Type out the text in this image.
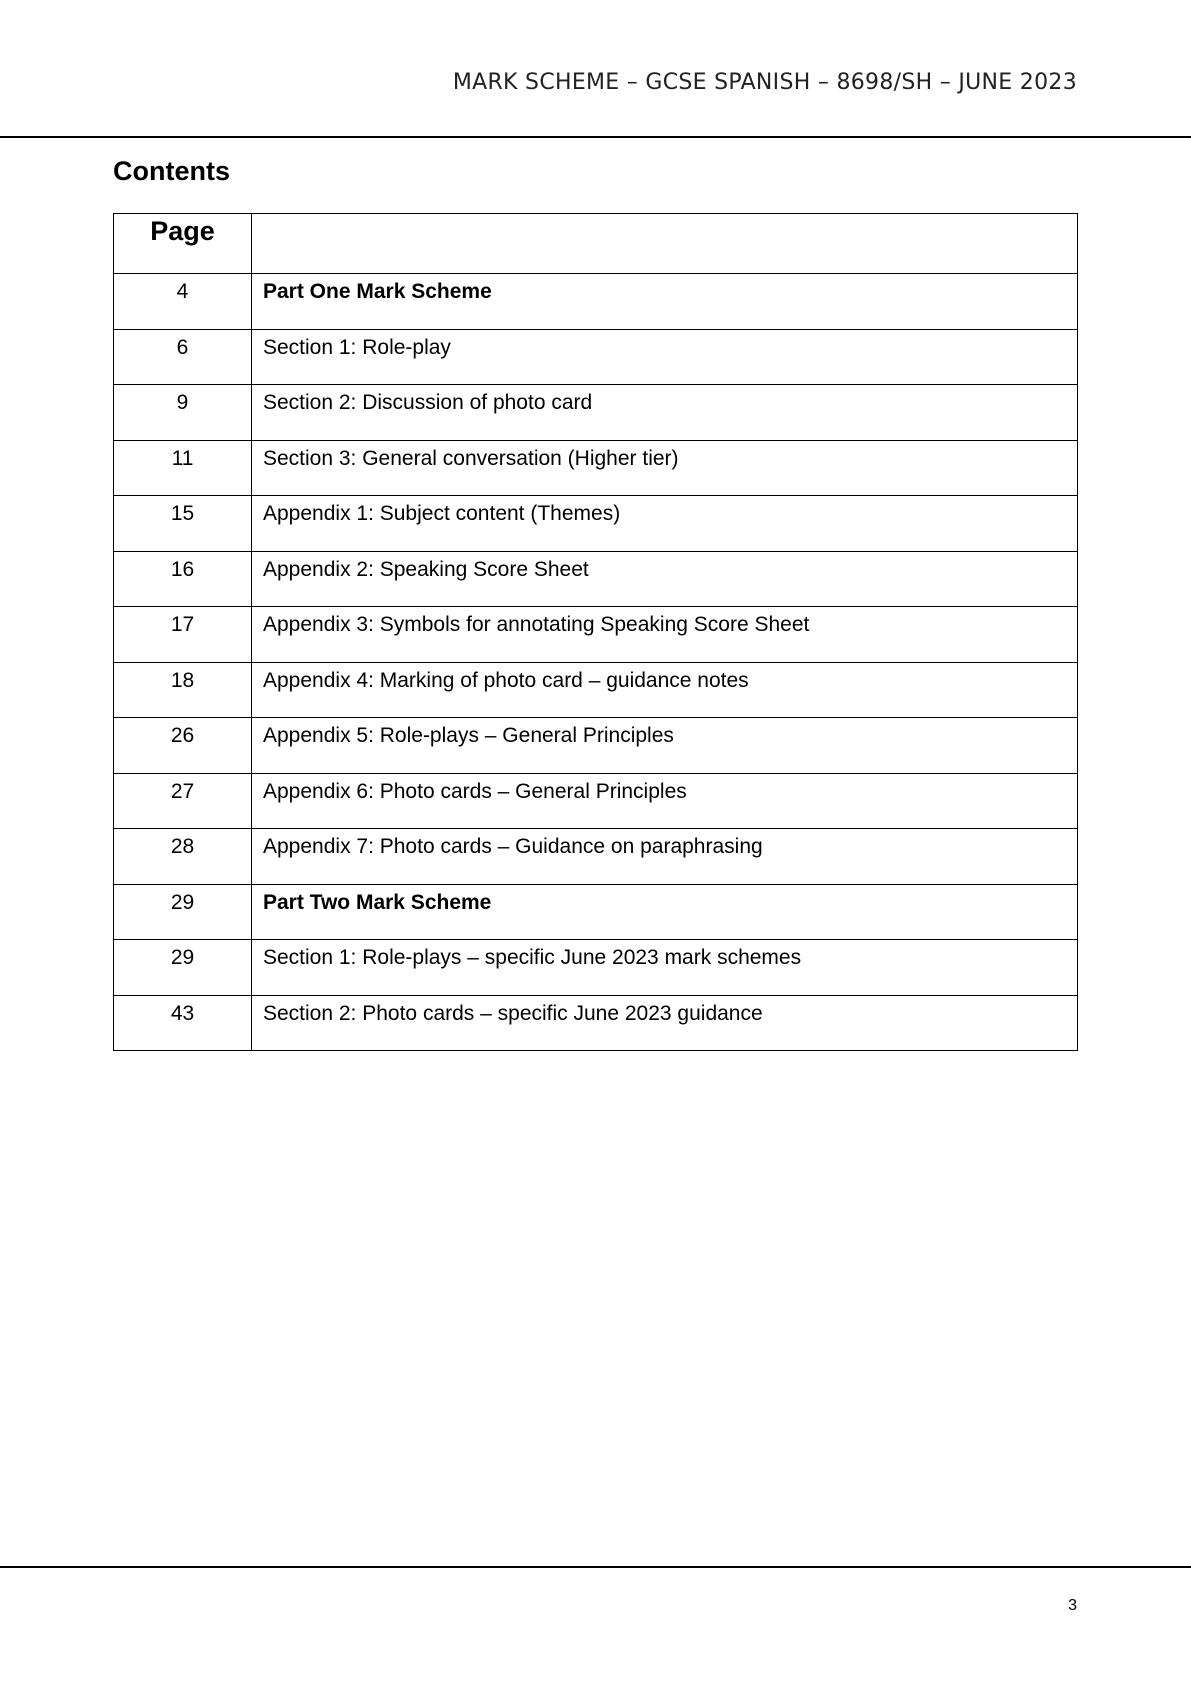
MARK SCHEME – GCSE SPANISH – 8698/SH – JUNE 2023
Contents
Page	
4	Part One Mark Scheme
6	Section 1: Role-play
9	Section 2: Discussion of photo card
11	Section 3: General conversation (Higher tier)
15	Appendix 1: Subject content (Themes)
16	Appendix 2: Speaking Score Sheet
17	Appendix 3: Symbols for annotating Speaking Score Sheet
18	Appendix 4: Marking of photo card – guidance notes
26	Appendix 5: Role-plays – General Principles
27	Appendix 6: Photo cards – General Principles
28	Appendix 7: Photo cards – Guidance on paraphrasing
29	Part Two Mark Scheme
29	Section 1: Role-plays – specific June 2023 mark schemes
43	Section 2: Photo cards – specific June 2023 guidance
3
